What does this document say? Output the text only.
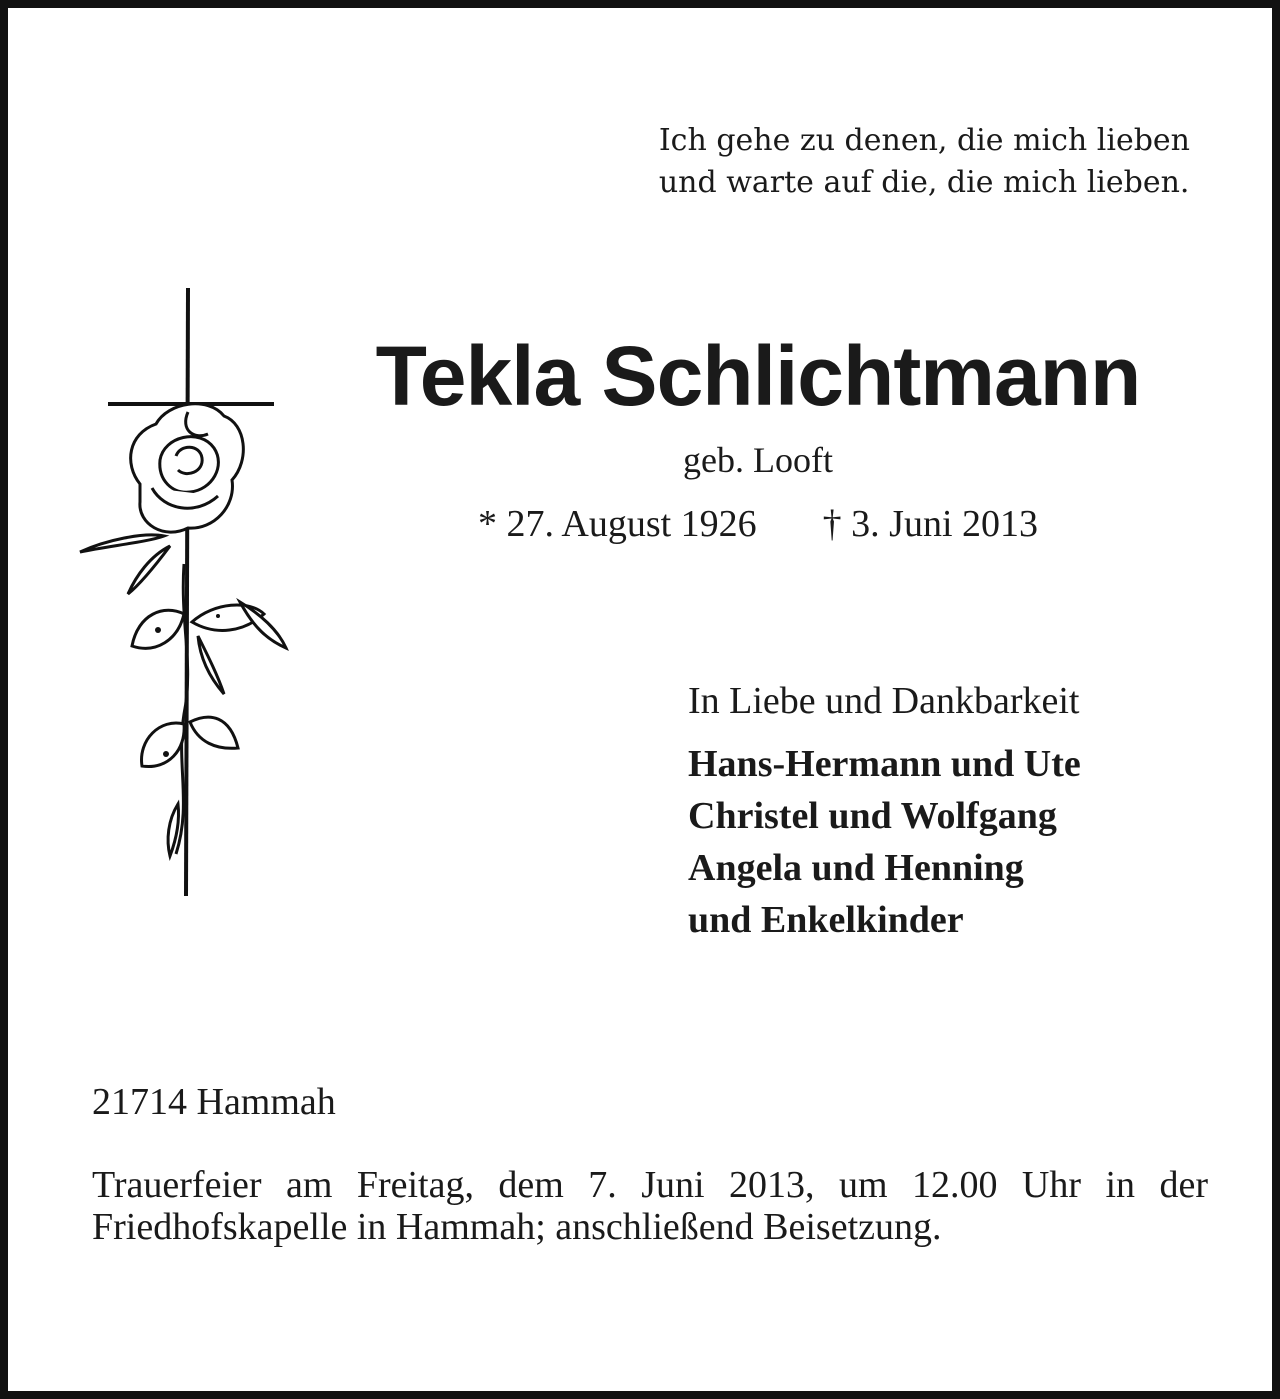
Ich gehe zu denen, die mich lieben
und warte auf die, die mich lieben.
Tekla Schlichtmann
geb. Looft
* 27. August 1926 † 3. Juni 2013
In Liebe und Dankbarkeit
Hans-Hermann und Ute
Christel und Wolfgang
Angela und Henning
und Enkelkinder
21714 Hammah
Trauerfeier am Freitag, dem 7. Juni 2013, um 12.00 Uhr in der Friedhofskapelle in Hammah; anschließend Beisetzung.
